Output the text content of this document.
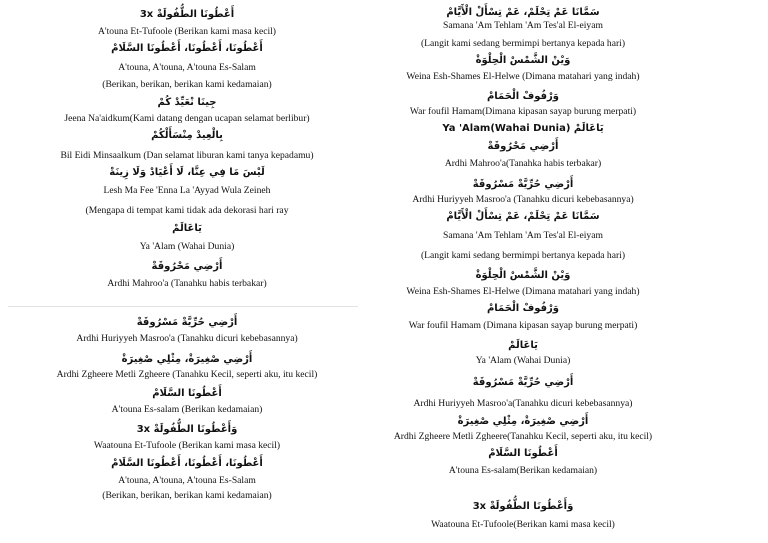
أَعْطُونَا الطُّفُولَةْ 3x
A'touna Et-Tufoole (Berikan kami masa kecil)
أَعْطُونَا، أَعْطُونَا، أَعْطُونَا السَّلَامْ
A'touna, A'touna, A'touna Es-Salam
(Berikan, berikan, berikan kami kedamaian)
جِينَا نْعَيِّدْ كُمْ
Jeena Na'aidkum(Kami datang dengan ucapan selamat berlibur)
بِالْعِيدْ مِنْسَأَلْكُمْ
Bil Eidi Minsaalkum (Dan selamat liburan kami tanya kepadamu)
لَيْسَ مَا فِي عِنَّا، لَا أَعْيَادْ وَلَا زِينَةْ
Lesh Ma Fee 'Enna La 'Ayyad Wula Zeineh
(Mengapa di tempat kami tidak ada dekorasi hari ray
يَاعَالَمْ
Ya 'Alam (Wahai Dunia)
أَرْضِي مَحْرُوقَةْ
Ardhi Mahroo'a (Tanahku habis terbakar)
أَرْضِي حُرِّيَّةْ مَسْرُوقَةْ
Ardhi Huriyyeh Masroo'a (Tanahku dicuri kebebasannya)
أَرْضِي صْغِيرَةْ، مِثْلِي صْغِيرَةْ
Ardhi Zgheere Metli Zgheere (Tanahku Kecil, seperti aku, itu kecil)
أَعْطُونَا السَّلَامْ
A'touna Es-salam (Berikan kedamaian)
وَأَعْطُونَا الطُّفُولَةْ 3x
Waatouna Et-Tufoole (Berikan kami masa kecil)
أَعْطُونَا، أَعْطُونَا، أَعْطُونَا السَّلَامْ
A'touna, A'touna, A'touna Es-Salam
(Berikan, berikan, berikan kami kedamaian)
سَمَّانَا عَمْ تِحْلَمْ، عَمْ تِسْأَلْ الْأَيَّامْ
Samana 'Am Tehlam 'Am Tes'al El-eiyam
(Langit kami sedang bermimpi bertanya kepada hari)
وَيْنْ الشَّمْسْ الْحِلْوَةْ
Weina Esh-Shames El-Helwe (Dimana matahari yang indah)
وَرْفُوفْ الْحَمَامْ
War foufil Hamam(Dimana kipasan sayap burung merpati)
Ya 'Alam(Wahai Dunia) يَاعَالَمْ
أَرْضِي مَحْرُوقَةْ
Ardhi Mahroo'a(Tanahka habis terbakar)
أَرْضِي حُرِّيَّةْ مَسْرُوقَةْ
Ardhi Huriyyeh Masroo'a (Tanahku dicuri kebebasannya)
سَمَّانَا عَمْ تِحْلَمْ، عَمْ تِسْأَلْ الْأَيَّامْ
Samana 'Am Tehlam 'Am Tes'al El-eiyam
(Langit kami sedang bermimpi bertanya kepada hari)
وَيْنْ الشَّمْسْ الْحِلْوَةْ
Weina Esh-Shames El-Helwe (Dimana matahari yang indah)
وَرْفُوفْ الْحَمَامْ
War foufil Hamam (Dimana kipasan sayap burung merpati)
يَاعَالَمْ
Ya 'Alam (Wahai Dunia)
أَرْضِي حُرِّيَّةْ مَسْرُوقَةْ
Ardhi Huriyyeh Masroo'a(Tanahku dicuri kebebasannya)
أَرْضِي صْغِيرَةْ، مِثْلِي صْغِيرَةْ
Ardhi Zgheere Metli Zgheere(Tanahku Kecil, seperti aku, itu kecil)
أَعْطُونَا السَّلَامْ
A'touna Es-salam(Berikan kedamaian)
وَأَعْطُونَا الطُّفُولَةْ 3x
Waatouna Et-Tufoole(Berikan kami masa kecil)
